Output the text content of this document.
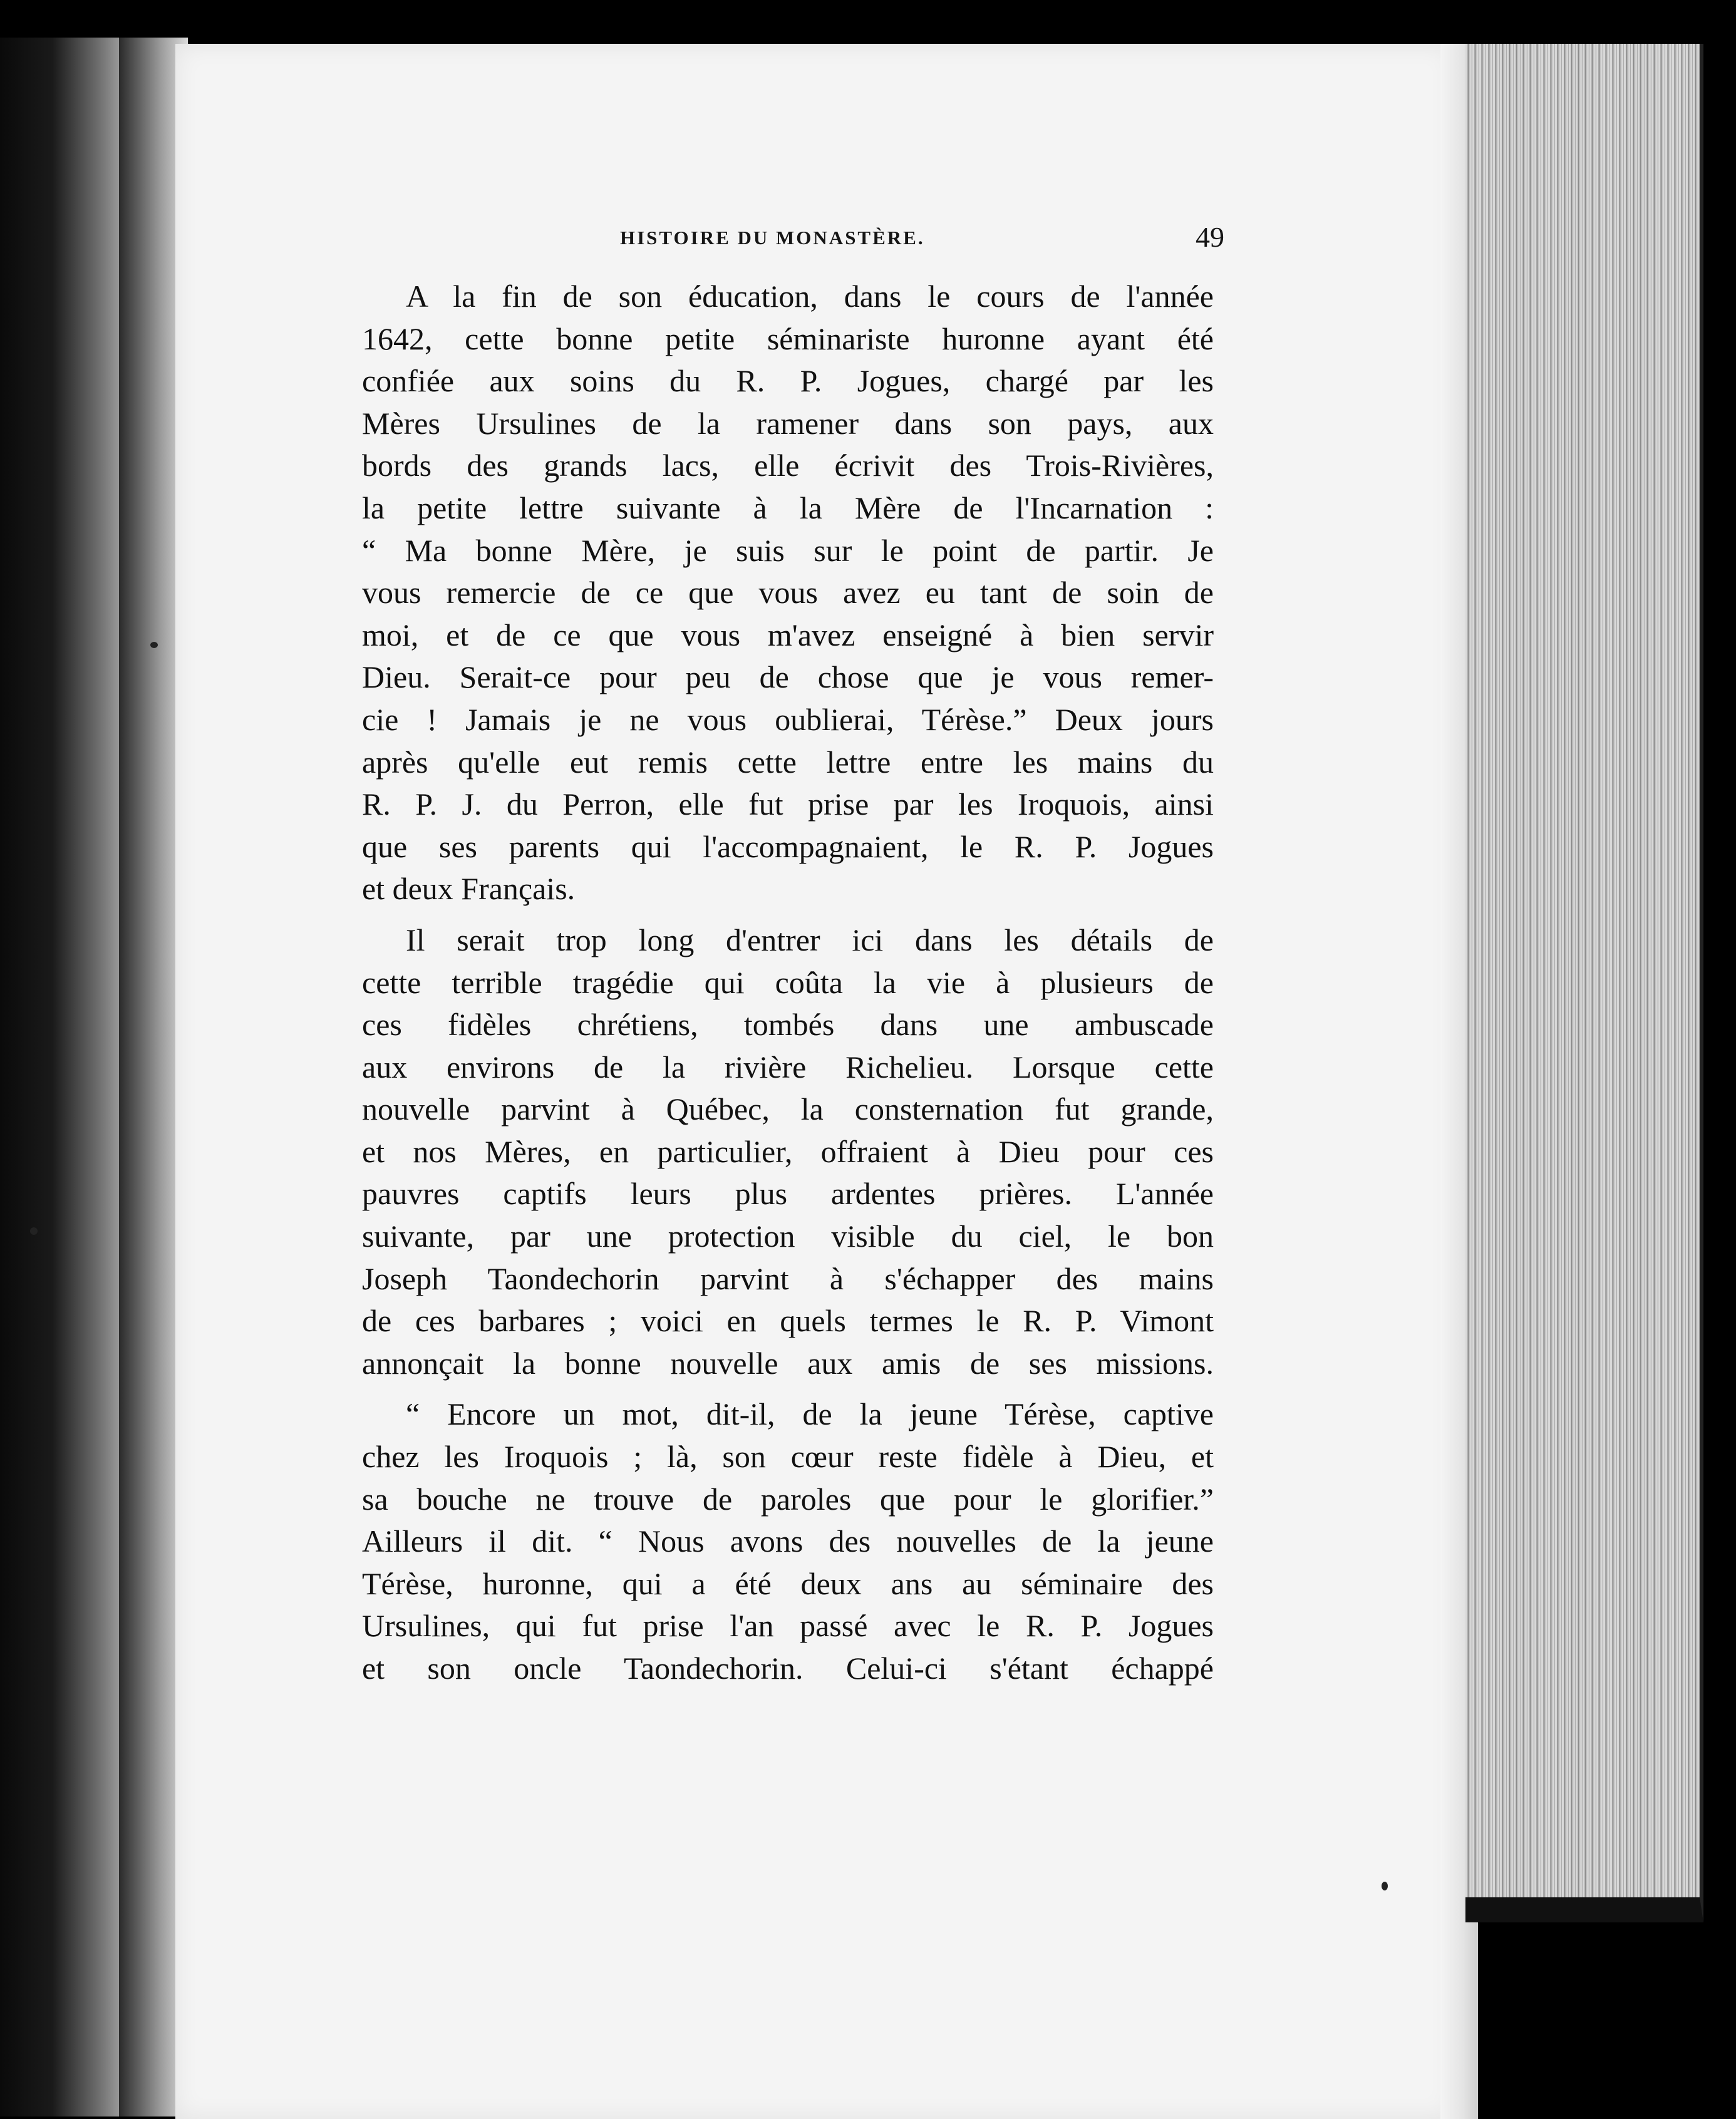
HISTOIRE DU MONASTÈRE.	49
A la fin de son éducation, dans le cours de l'année
1642, cette bonne petite séminariste huronne ayant été
confiée aux soins du R. P. Jogues, chargé par les
Mères Ursulines de la ramener dans son pays, aux
bords des grands lacs, elle écrivit des Trois-Rivières,
la petite lettre suivante à la Mère de l'Incarnation :
“ Ma bonne Mère, je suis sur le point de partir. Je
vous remercie de ce que vous avez eu tant de soin de
moi, et de ce que vous m'avez enseigné à bien servir
Dieu. Serait-ce pour peu de chose que je vous remer-
cie ! Jamais je ne vous oublierai, Térèse.” Deux jours
après qu'elle eut remis cette lettre entre les mains du
R. P. J. du Perron, elle fut prise par les Iroquois, ainsi
que ses parents qui l'accompagnaient, le R. P. Jogues
et deux Français.
Il serait trop long d'entrer ici dans les détails de
cette terrible tragédie qui coûta la vie à plusieurs de
ces fidèles chrétiens, tombés dans une ambuscade
aux environs de la rivière Richelieu. Lorsque cette
nouvelle parvint à Québec, la consternation fut grande,
et nos Mères, en particulier, offraient à Dieu pour ces
pauvres captifs leurs plus ardentes prières. L'année
suivante, par une protection visible du ciel, le bon
Joseph Taondechorin parvint à s'échapper des mains
de ces barbares ; voici en quels termes le R. P. Vimont
annonçait la bonne nouvelle aux amis de ses missions.
“ Encore un mot, dit-il, de la jeune Térèse, captive
chez les Iroquois ; là, son cœur reste fidèle à Dieu, et
sa bouche ne trouve de paroles que pour le glorifier.”
Ailleurs il dit. “ Nous avons des nouvelles de la jeune
Térèse, huronne, qui a été deux ans au séminaire des
Ursulines, qui fut prise l'an passé avec le R. P. Jogues
et son oncle Taondechorin. Celui-ci s'étant échappé
